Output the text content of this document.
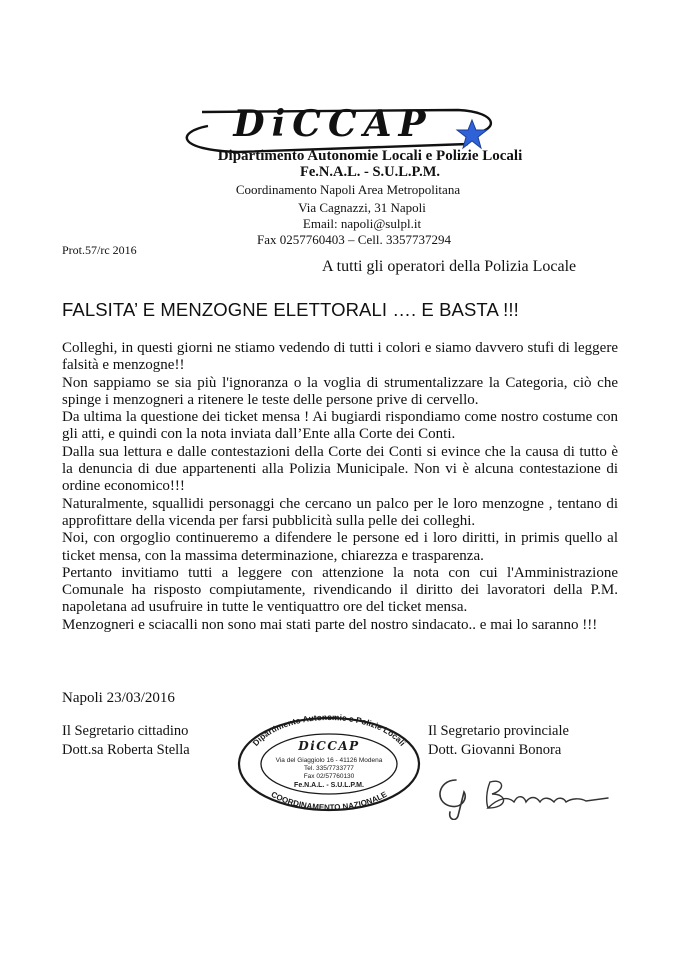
DiCCAP
Dipartimento Autonomie Locali e Polizie Locali
Fe.N.A.L. - S.U.L.P.M.
Coordinamento Napoli Area Metropolitana
Via Cagnazzi, 31 Napoli
Email: napoli@sulpl.it
Fax 0257760403 – Cell. 3357737294
Prot.57/rc 2016
A tutti gli operatori della Polizia Locale
FALSITA’ E MENZOGNE ELETTORALI …. E BASTA !!!

Colleghi, in questi giorni ne stiamo vedendo di tutti i colori e siamo davvero stufi di leggere falsità e menzogne!!

Non sappiamo se sia più l'ignoranza o la voglia di strumentalizzare la Categoria, ciò che spinge i menzogneri a ritenere le teste delle persone prive di cervello.

Da ultima la questione dei ticket mensa ! Ai bugiardi rispondiamo come nostro costume con gli atti, e quindi con la nota inviata dall’Ente alla Corte dei Conti.

Dalla sua lettura e dalle contestazioni della Corte dei Conti si evince che la causa di tutto è la denuncia di due appartenenti alla Polizia Municipale. Non vi è alcuna contestazione di ordine economico!!!

Naturalmente, squallidi personaggi che cercano un palco per le loro menzogne , tentano di approfittare della vicenda per farsi pubblicità sulla pelle dei colleghi.

Noi, con orgoglio continueremo a difendere le persone ed i loro diritti, in primis quello al ticket mensa, con la massima determinazione, chiarezza e trasparenza.

Pertanto invitiamo tutti a leggere con attenzione la nota con cui l'Amministrazione Comunale ha risposto compiutamente, rivendicando il diritto dei lavoratori della P.M. napoletana ad usufruire in tutte le ventiquattro ore del ticket mensa.

Menzogneri e sciacalli non sono mai stati parte del nostro sindacato.. e mai lo saranno !!!

Napoli 23/03/2016
Il Segretario cittadino
Dott.sa Roberta Stella
Il Segretario provinciale
Dott. Giovanni Bonora
Dipartimento Autonomie e Polizie Locali
COORDINAMENTO NAZIONALE
DiCCAP
Via del Giaggiolo 16 - 41126 Modena
Tel. 335/7733777
Fax 02/57760130
Fe.N.A.L. - S.U.L.P.M.
